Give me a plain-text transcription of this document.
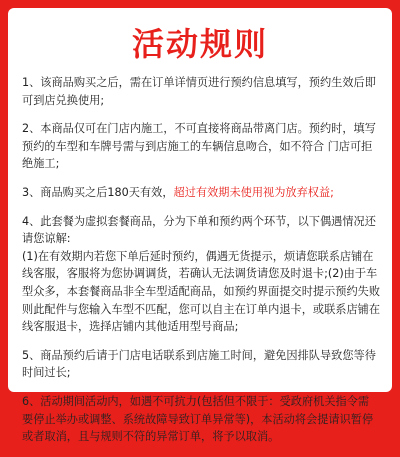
活动规则

1、该商品购买之后，需在订单详情页进行预约信息填写，预约生效后即可到店兑换使用;

2、本商品仅可在门店内施工，不可直接将商品带离门店。预约时，填写预约的车型和车牌号需与到店施工的车辆信息吻合，如不符合 门店可拒绝施工;

3、商品购买之后180天有效，超过有效期未使用视为放弃权益;

4、此套餐为虚拟套餐商品，分为下单和预约两个环节，以下偶遇情况还请您谅解:

(1)在有效期内若您下单后延时预约，偶遇无货提示，烦请您联系店铺在线客服，客服将为您协调调货，若确认无法调货请您及时退卡;(2)由于车型众多，本套餐商品非全车型适配商品，如预约界面提交时提示预约失败则此配件与您输入车型不匹配，您可以自主在订单内退卡，或联系店铺在线客服退卡，选择店铺内其他适用型号商品;

5、商品预约后请于门店电话联系到店施工时间，避免因排队导致您等待时间过长;

6、活动期间活动内，如遇不可抗力(包括但不限于：受政府机关指令需要停止举办或调整、系统故障导致订单异常等)，本活动将会提请识暂停或者取消，且与规则不符的异常订单，将予以取消。
